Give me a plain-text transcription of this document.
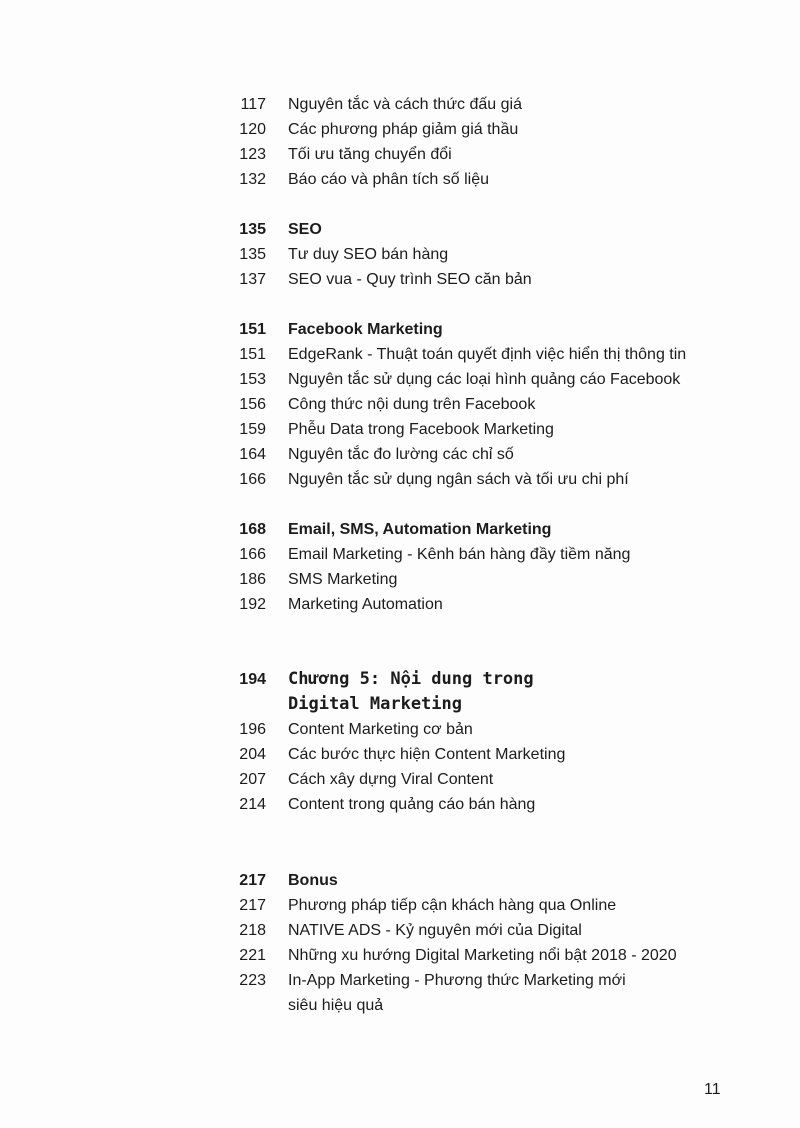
117 Nguyên tắc và cách thức đấu giá
120 Các phương pháp giảm giá thầu
123 Tối ưu tăng chuyển đổi
132 Báo cáo và phân tích số liệu
135 SEO
135 Tư duy SEO bán hàng
137 SEO vua - Quy trình SEO căn bản
151 Facebook Marketing
151 EdgeRank - Thuật toán quyết định việc hiển thị thông tin
153 Nguyên tắc sử dụng các loại hình quảng cáo Facebook
156 Công thức nội dung trên Facebook
159 Phễu Data trong Facebook Marketing
164 Nguyên tắc đo lường các chỉ số
166 Nguyên tắc sử dụng ngân sách và tối ưu chi phí
168 Email, SMS, Automation Marketing
166 Email Marketing - Kênh bán hàng đầy tiềm năng
186 SMS Marketing
192 Marketing Automation
194 Chương 5: Nội dung trong
Digital Marketing
196 Content Marketing cơ bản
204 Các bước thực hiện Content Marketing
207 Cách xây dựng Viral Content
214 Content trong quảng cáo bán hàng
217 Bonus
217 Phương pháp tiếp cận khách hàng qua Online
218 NATIVE ADS - Kỷ nguyên mới của Digital
221 Những xu hướng Digital Marketing nổi bật 2018 - 2020
223 In-App Marketing - Phương thức Marketing mới
siêu hiệu quả
11
